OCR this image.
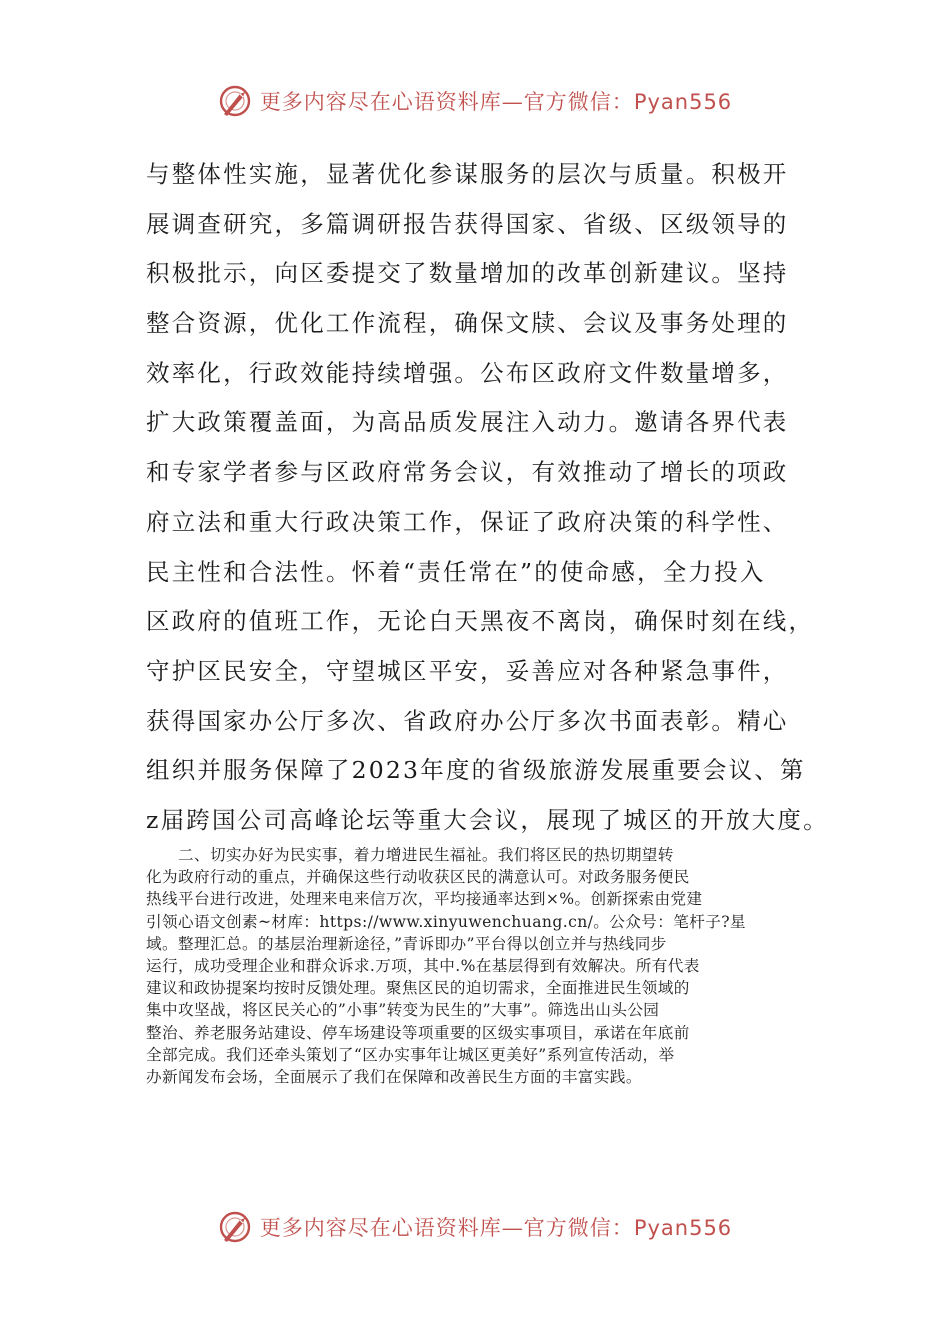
更多内容尽在心语资料库—官方微信：Pyan556
与整体性实施，显著优化参谋服务的层次与质量。积极开
展调查研究，多篇调研报告获得国家、省级、区级领导的
积极批示，向区委提交了数量增加的改革创新建议。坚持
整合资源，优化工作流程，确保文牍、会议及事务处理的
效率化，行政效能持续增强。公布区政府文件数量增多，
扩大政策覆盖面，为高品质发展注入动力。邀请各界代表
和专家学者参与区政府常务会议，有效推动了增长的项政
府立法和重大行政决策工作，保证了政府决策的科学性、
民主性和合法性。怀着“责任常在”的使命感，全力投入
区政府的值班工作，无论白天黑夜不离岗，确保时刻在线，
守护区民安全，守望城区平安，妥善应对各种紧急事件，
获得国家办公厅多次、省政府办公厅多次书面表彰。精心
组织并服务保障了2023年度的省级旅游发展重要会议、第
z届跨国公司高峰论坛等重大会议，展现了城区的开放大度。
　　二、切实办好为民实事，着力增进民生福祉。我们将区民的热切期望转
化为政府行动的重点，并确保这些行动收获区民的满意认可。对政务服务便民
热线平台进行改进，处理来电来信万次，平均接通率达到×%。创新探索由党建
引领心语文创素~材库：https://www.xinyuwenchuang.cn/。公众号：笔杆子?星
域。整理汇总。的基层治理新途径，”青诉即办”平台得以创立并与热线同步
运行，成功受理企业和群众诉求.万项，其中.%在基层得到有效解决。所有代表
建议和政协提案均按时反馈处理。聚焦区民的迫切需求，全面推进民生领域的
集中攻坚战，将区民关心的”小事”转变为民生的”大事”。筛选出山头公园
整治、养老服务站建设、停车场建设等项重要的区级实事项目，承诺在年底前
全部完成。我们还牵头策划了“区办实事年让城区更美好”系列宣传活动，举
办新闻发布会场，全面展示了我们在保障和改善民生方面的丰富实践。
更多内容尽在心语资料库—官方微信：Pyan556
